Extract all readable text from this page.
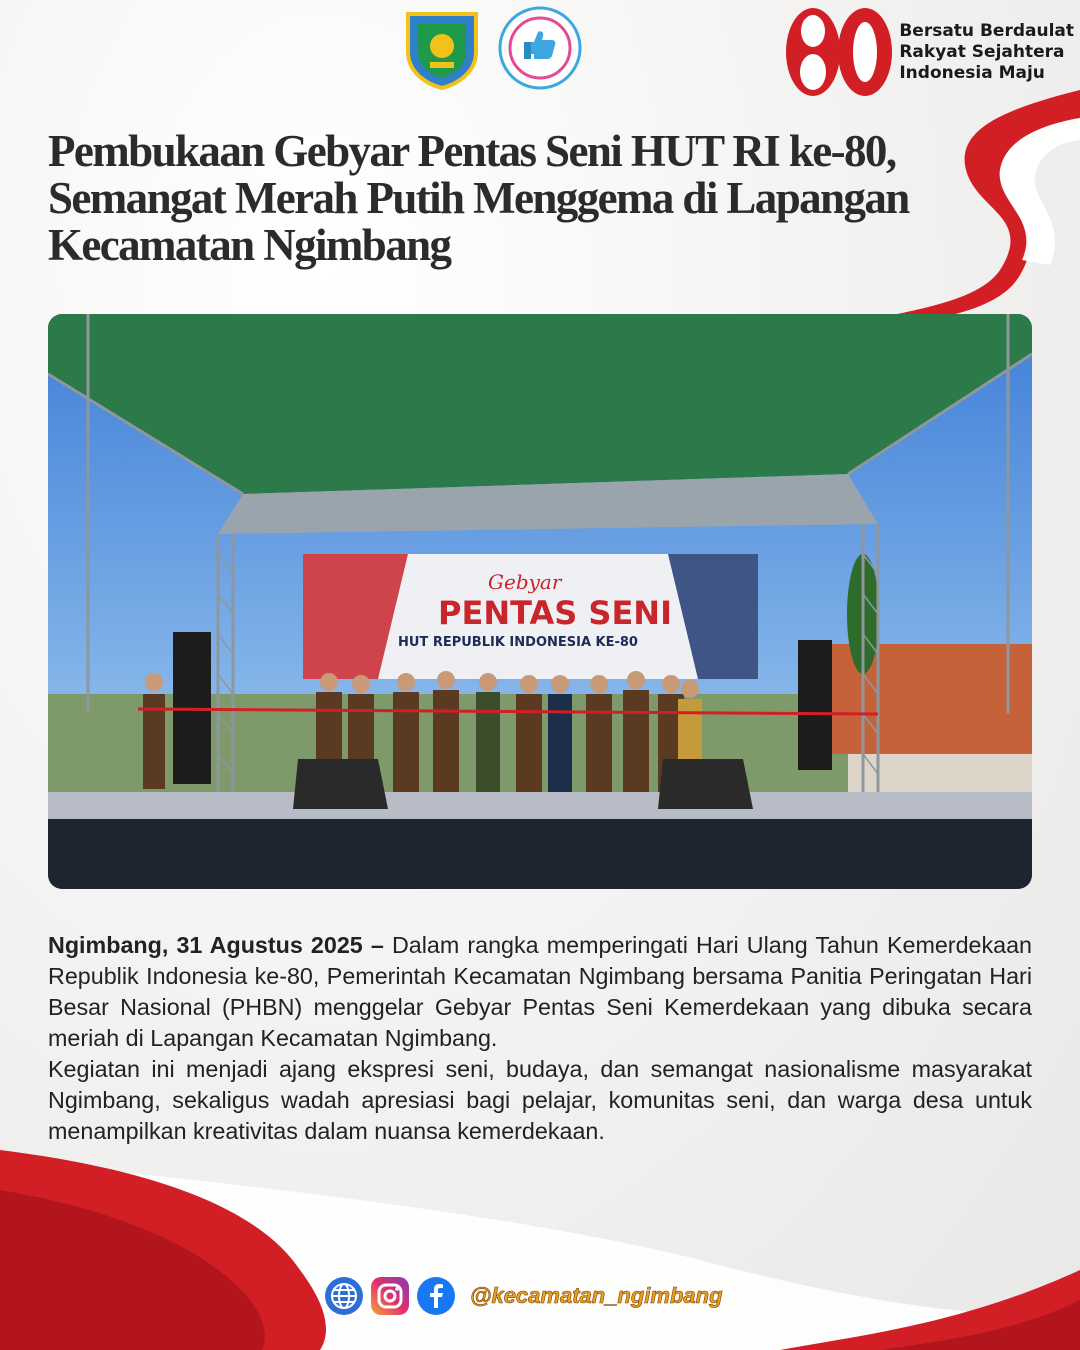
Bersatu Berdaulat
Rakyat Sejahtera
Indonesia Maju
Pembukaan Gebyar Pentas Seni HUT RI ke-80, Semangat Merah Putih Menggema di Lapangan Kecamatan Ngimbang
Gebyar
PENTAS SENI
HUT REPUBLIK INDONESIA KE-80

Ngimbang, 31 Agustus 2025 – Dalam rangka memperingati Hari Ulang Tahun Kemerdekaan Republik Indonesia ke-80, Pemerintah Kecamatan Ngimbang bersama Panitia Peringatan Hari Besar Nasional (PHBN) menggelar Gebyar Pentas Seni Kemerdekaan yang dibuka secara meriah di Lapangan Kecamatan Ngimbang.

Kegiatan ini menjadi ajang ekspresi seni, budaya, dan semangat nasionalisme masyarakat Ngimbang, sekaligus wadah apresiasi bagi pelajar, komunitas seni, dan warga desa untuk menampilkan kreativitas dalam nuansa kemerdekaan.

@kecamatan_ngimbang
